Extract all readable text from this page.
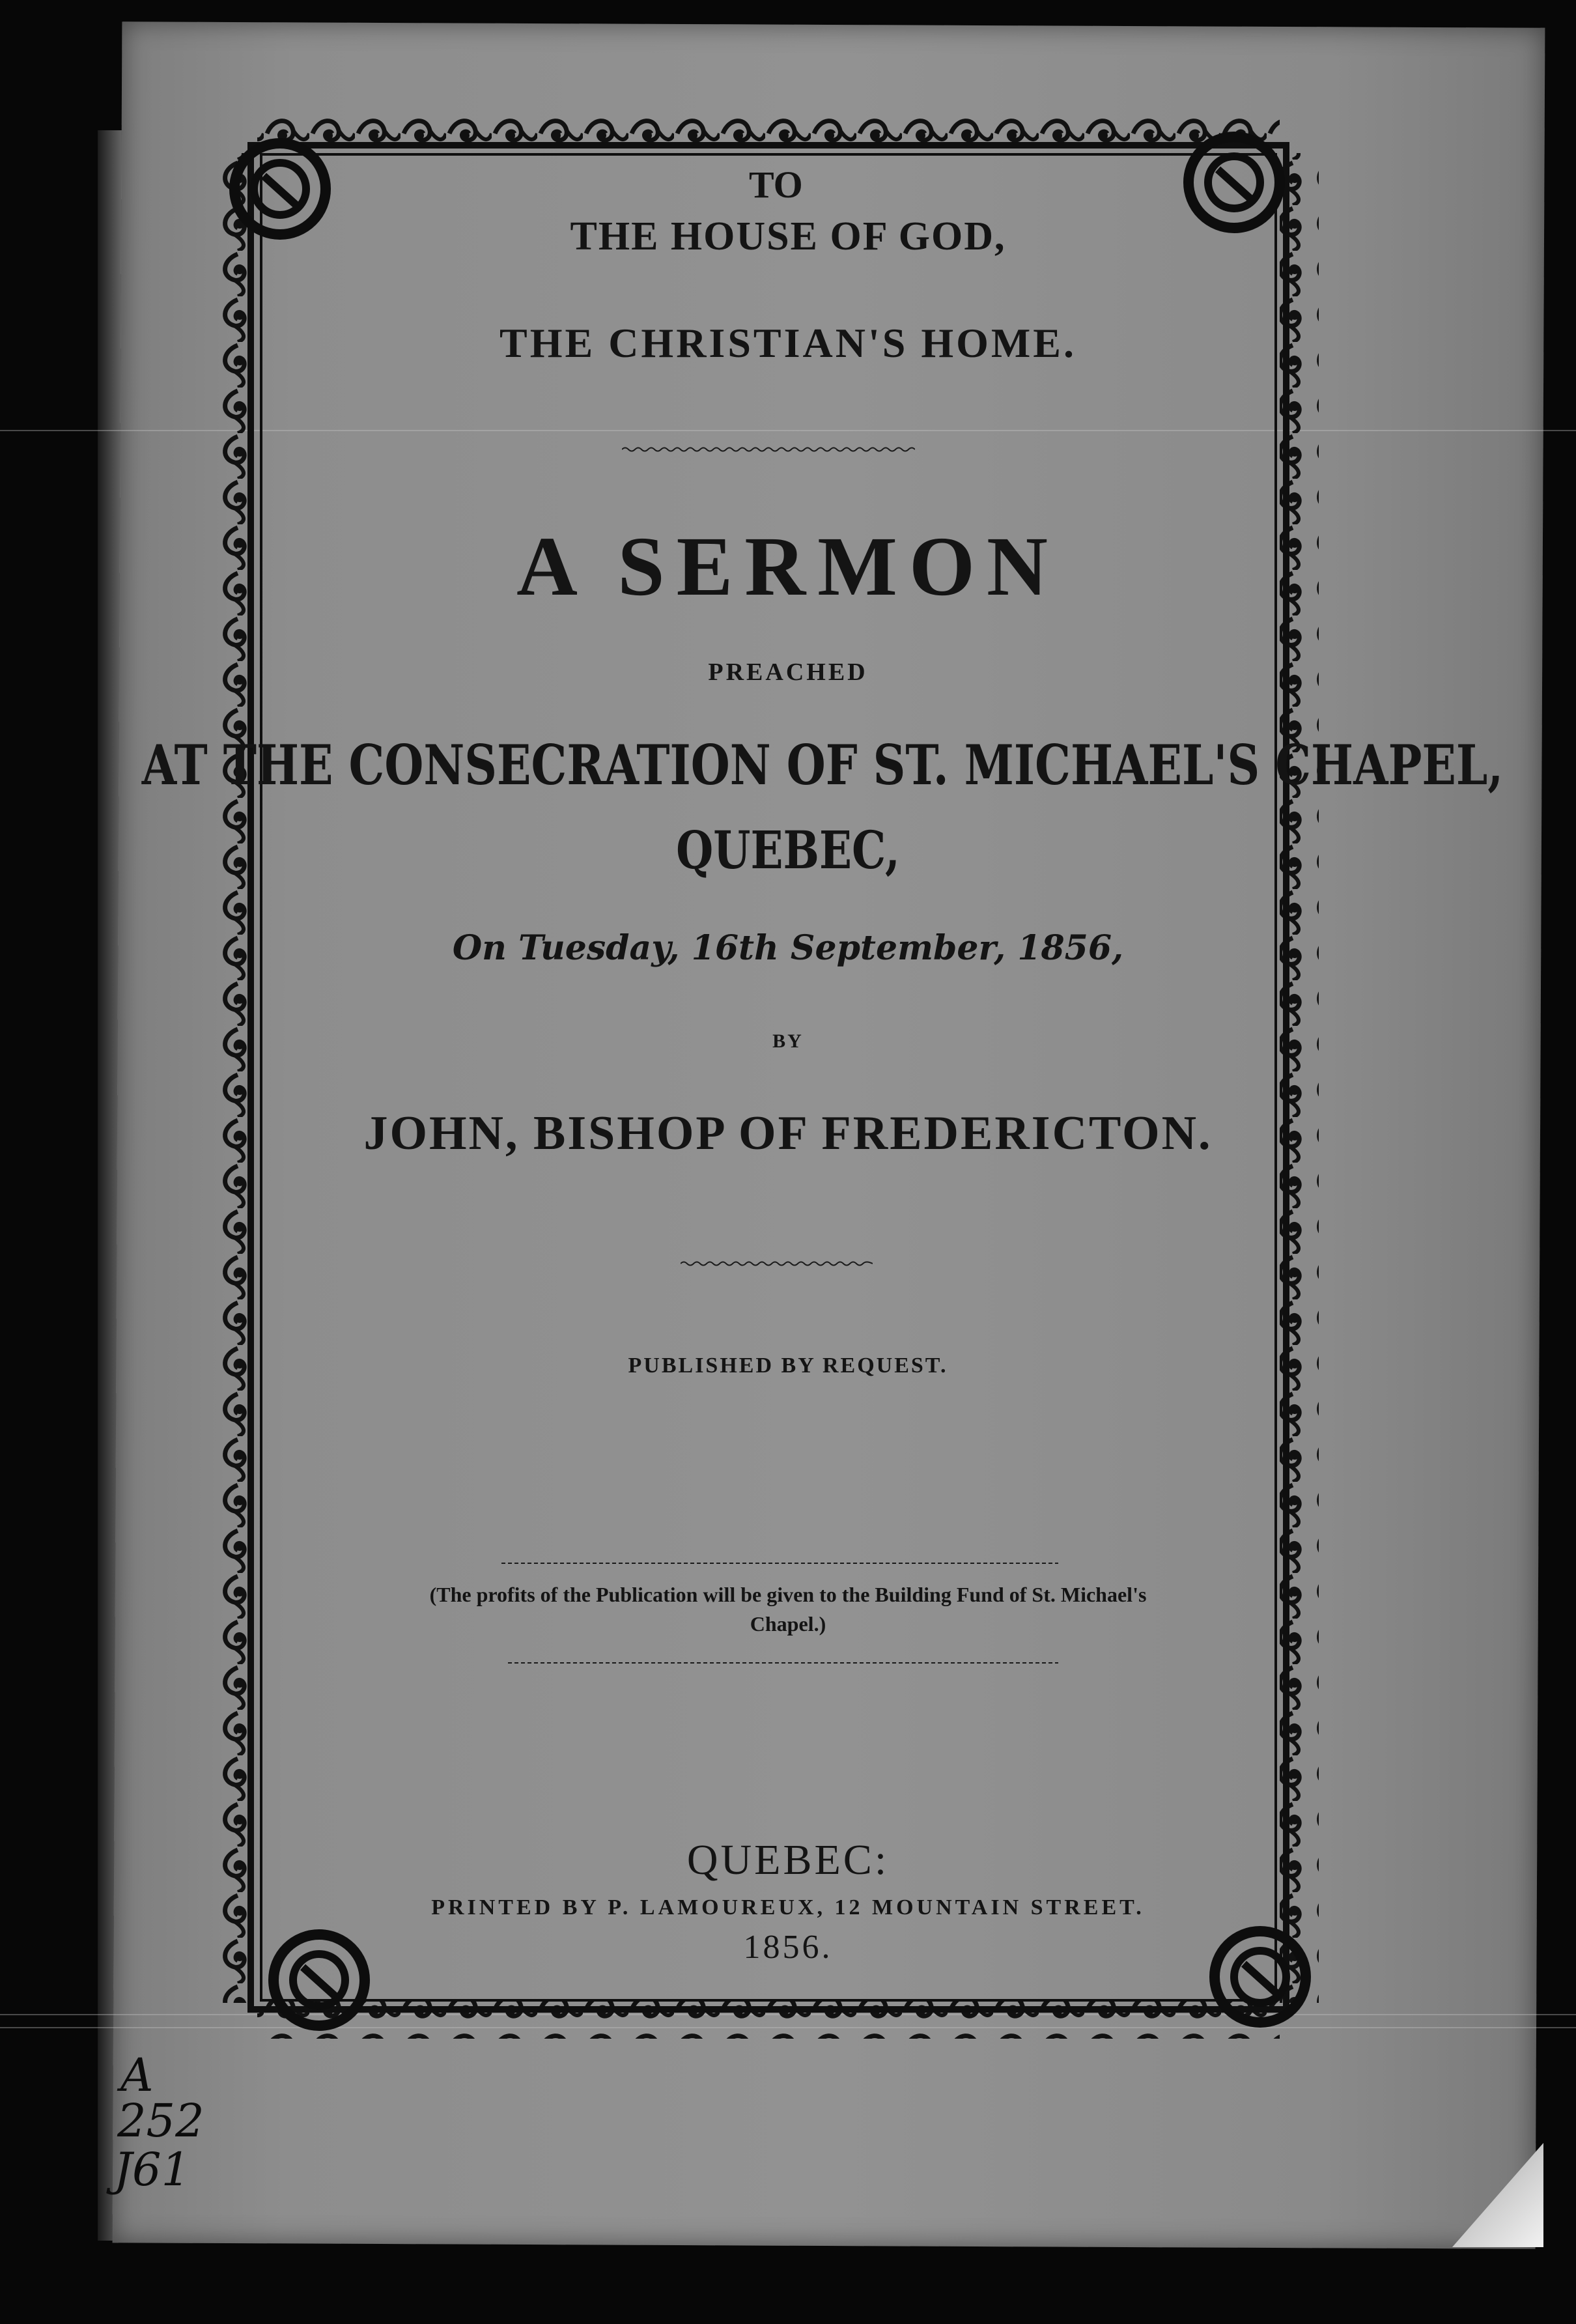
TO
THE HOUSE OF GOD,
THE CHRISTIAN'S HOME.
A SERMON
PREACHED
AT THE CONSECRATION OF ST. MICHAEL'S CHAPEL,
QUEBEC,
On Tuesday, 16th September, 1856,
BY
JOHN, BISHOP OF FREDERICTON.
PUBLISHED BY REQUEST.
(The profits of the Publication will be given to the Building Fund of St. Michael's
Chapel.)
QUEBEC:
PRINTED BY P. LAMOUREUX, 12 MOUNTAIN STREET.
1856.
A
252
J61
